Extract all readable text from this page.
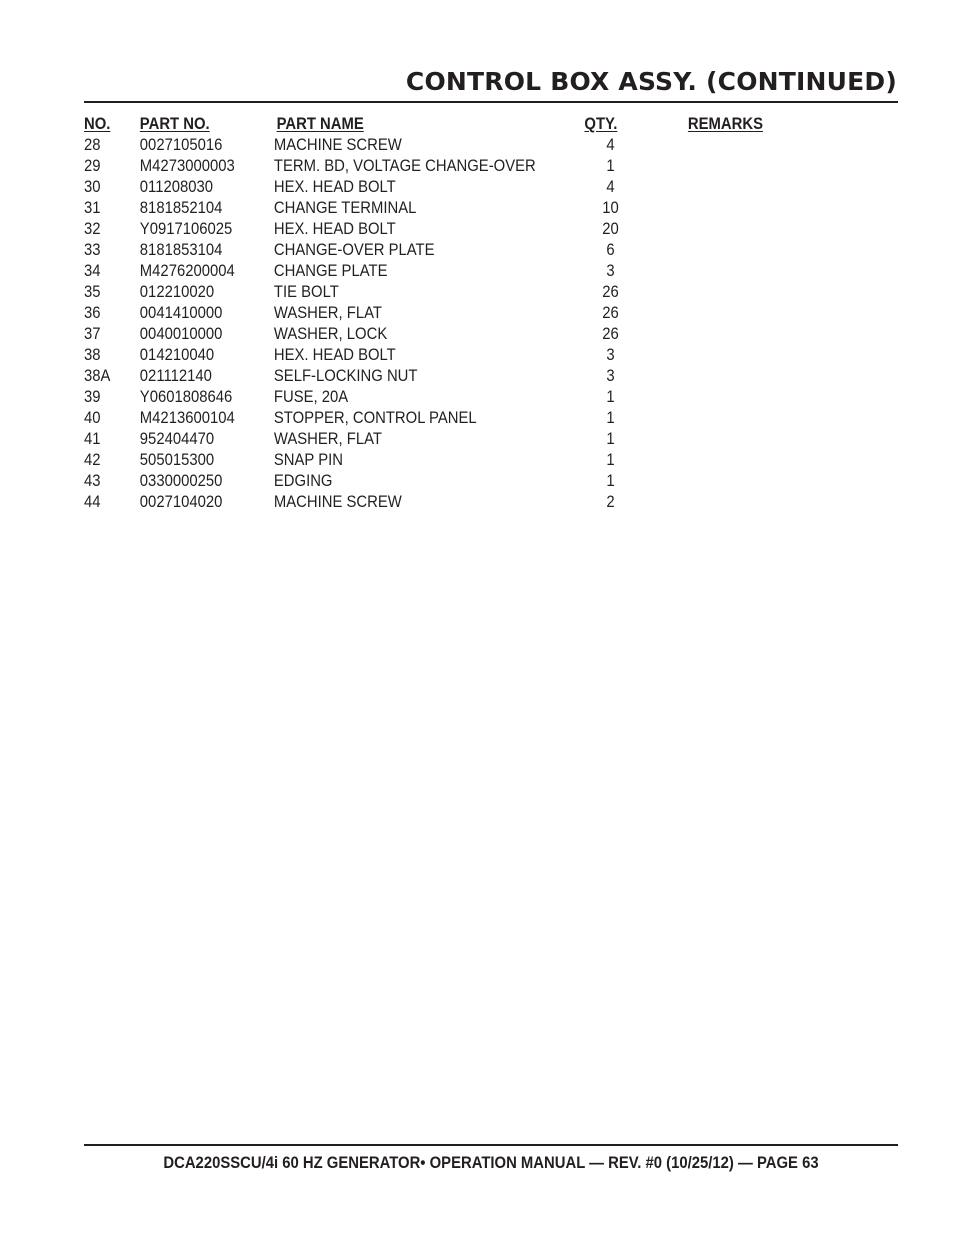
CONTROL BOX ASSY. (CONTINUED)
NO. PART NO.	PART NAME	QTY.	REMARKS
28 0027105016	MACHINE SCREW	4
29 M4273000003 TERM. BD, VOLTAGE CHANGE-OVER	1
30 011208030	HEX. HEAD BOLT	4
31 8181852104	CHANGE TERMINAL	10
32 Y0917106025	HEX. HEAD BOLT	20
33 8181853104	CHANGE-OVER PLATE	6
34 M4276200004 CHANGE PLATE	3
35 012210020	TIE BOLT	26
36 0041410000	WASHER, FLAT	26
37 0040010000	WASHER, LOCK	26
38 014210040	HEX. HEAD BOLT	3
38A 021112140	SELF-LOCKING NUT	3
39 Y0601808646	FUSE, 20A	1
40 M4213600104 STOPPER, CONTROL PANEL	1
41 952404470	WASHER, FLAT	1
42 505015300	SNAP PIN	1
43 0330000250	EDGING	1
44 0027104020	MACHINE SCREW	2
DCA220SSCU/4i 60 HZ GENERATOR• OPERATION MANUAL — REV. #0 (10/25/12) — PAGE 63
